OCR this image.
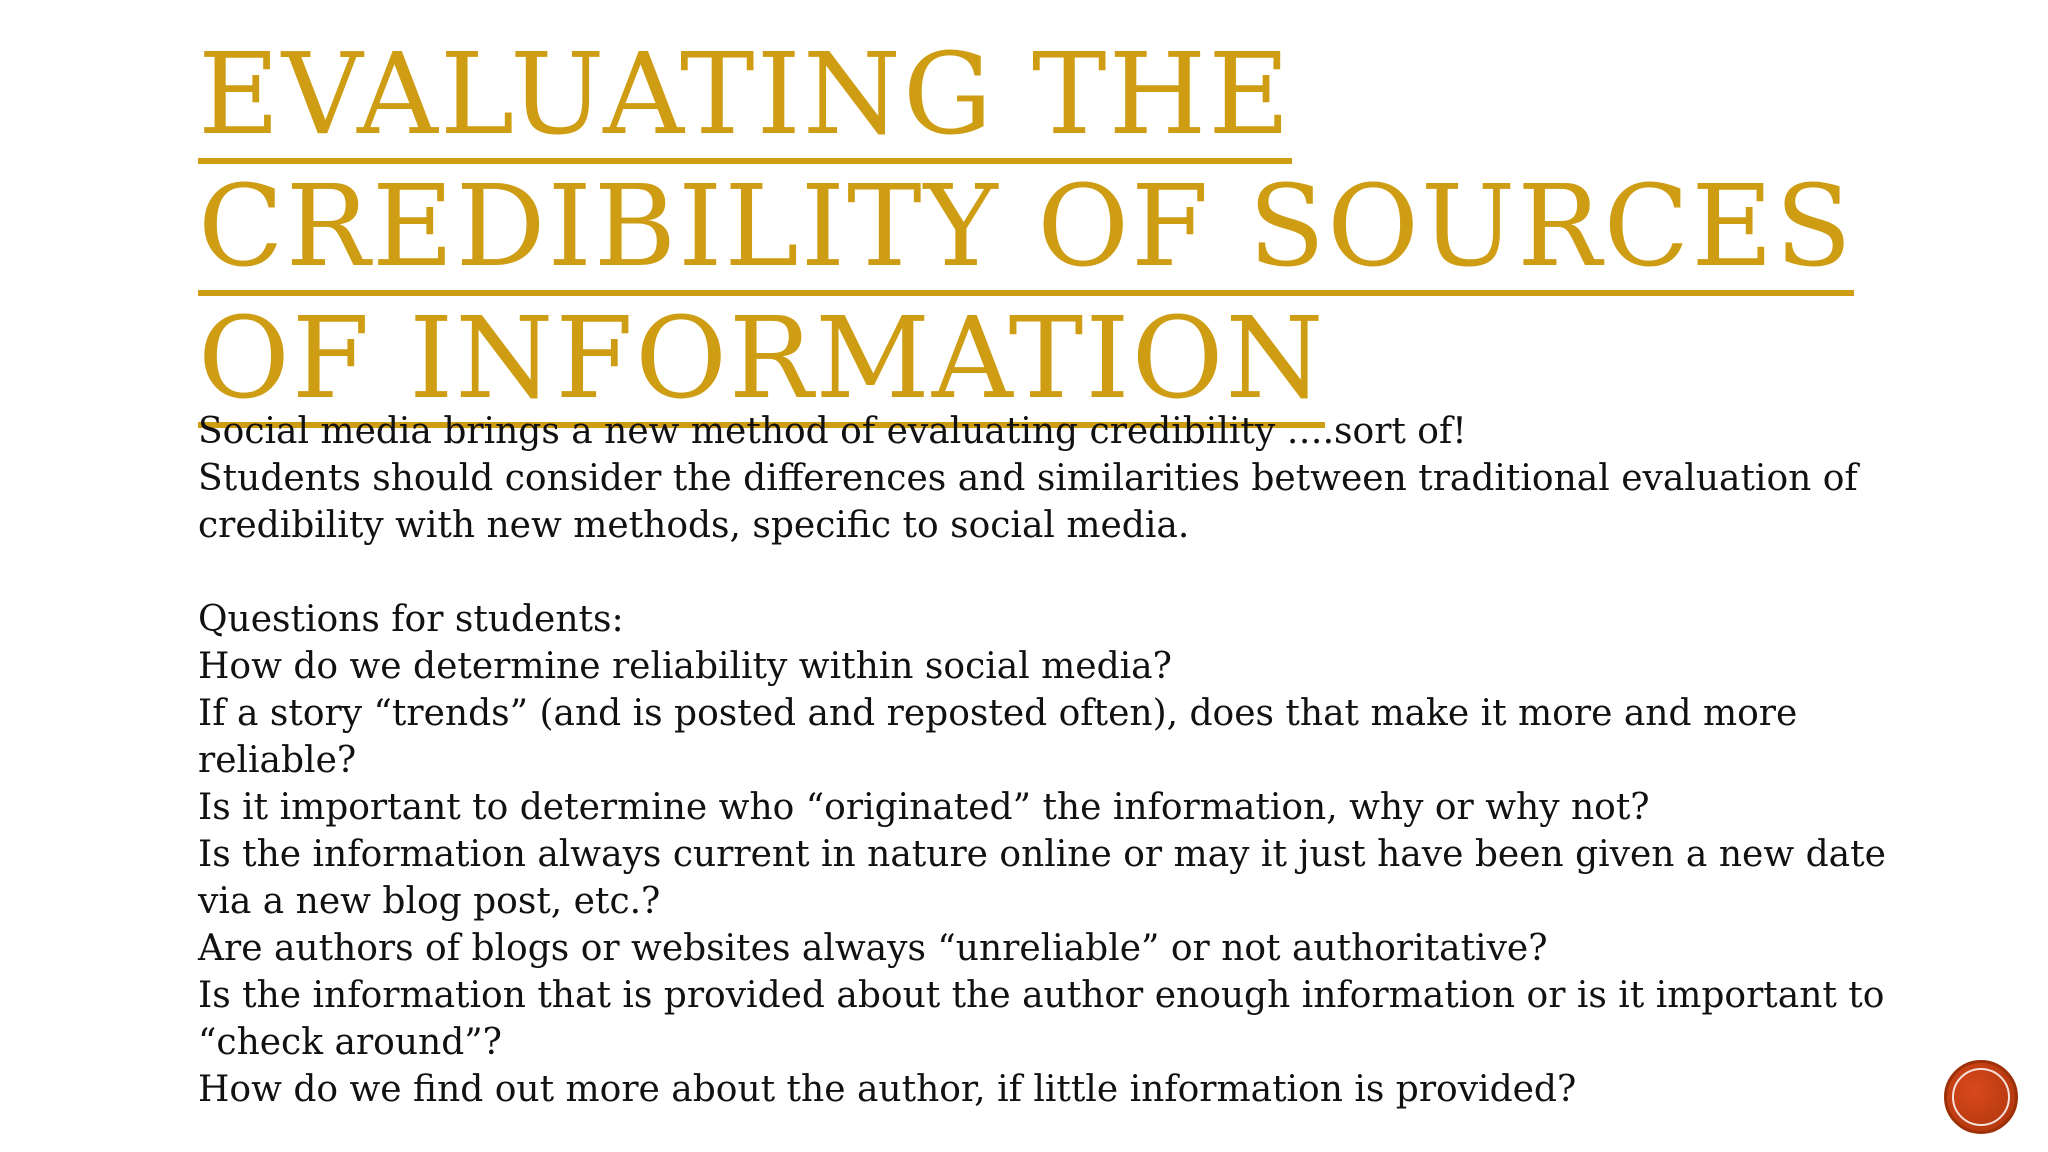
EVALUATING THE
CREDIBILITY OF SOURCES
OF INFORMATION

Social media brings a new method of evaluating credibility ….sort of!

Students should consider the differences and similarities between traditional evaluation of credibility with new methods, specific to social media.

Questions for students:

How do we determine reliability within social media?

If a story “trends” (and is posted and reposted often), does that make it more and more reliable?

Is it important to determine who “originated” the information, why or why not?

Is the information always current in nature online or may it just have been given a new date via a new blog post, etc.?

Are authors of blogs or websites always “unreliable” or not authoritative?

Is the information that is provided about the author enough information or is it important to “check around”?

How do we find out more about the author, if little information is provided?
